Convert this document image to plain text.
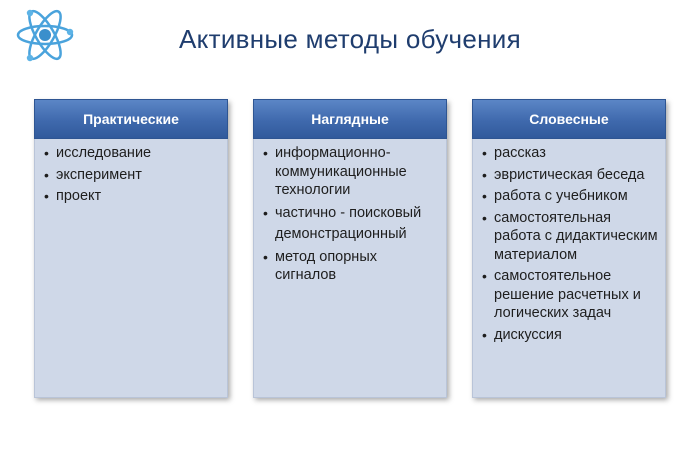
Активные методы обучения
Практические
• исследование
• эксперимент
• проект
Наглядные
• информационно-коммуникационные технологии
• частично - поисковый демонстрационный
• метод опорных сигналов
Словесные
• рассказ
• эвристическая беседа
• работа с учебником
• самостоятельная работа с дидактическим материалом
• самостоятельное решение расчетных и логических задач
• дискуссия
